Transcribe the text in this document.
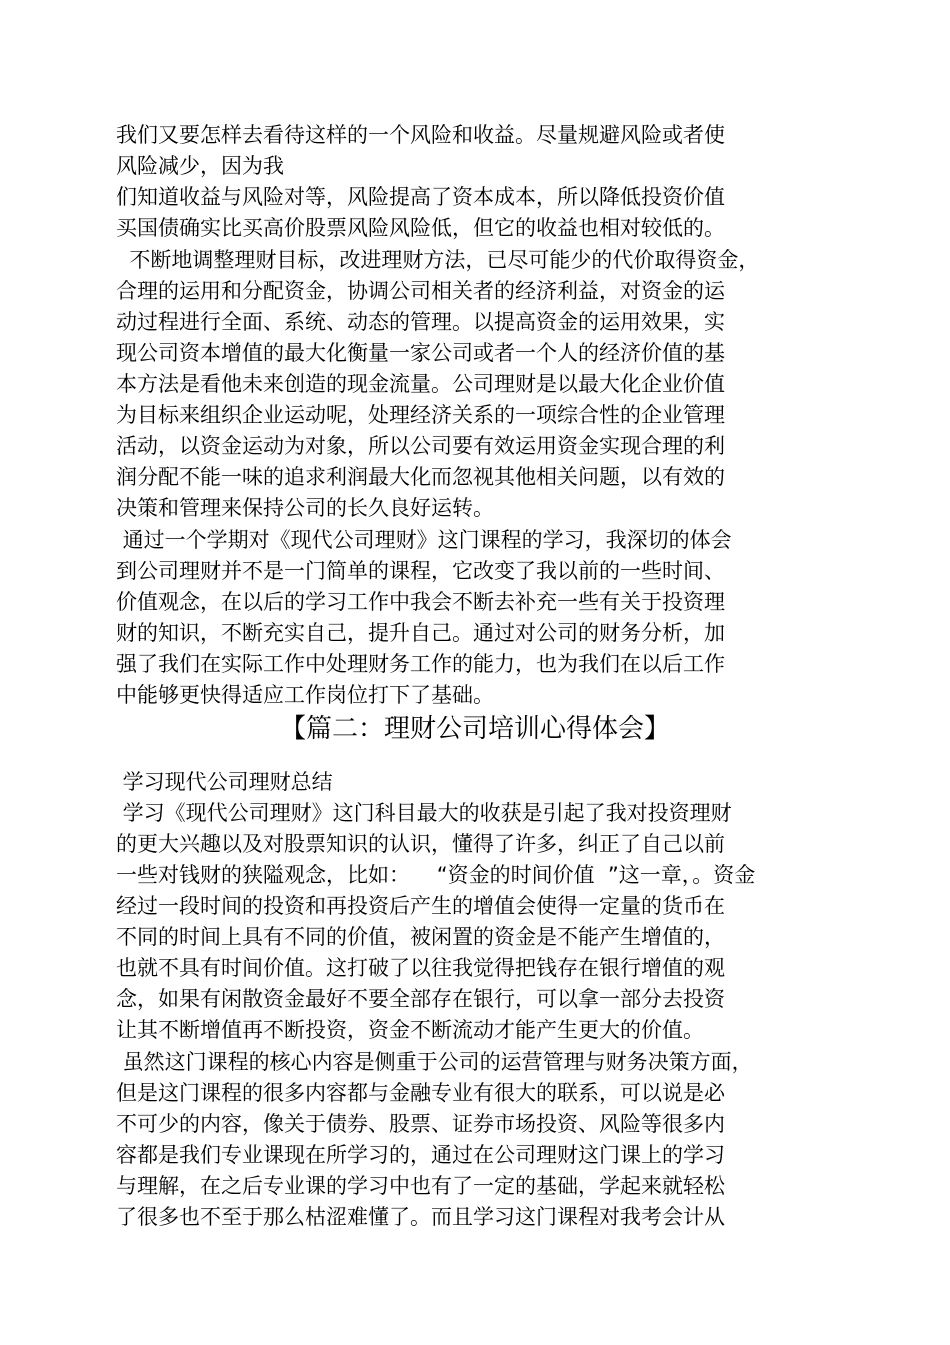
我们又要怎样去看待这样的一个风险和收益。尽量规避风险或者使
风险减少，因为我
们知道收益与风险对等，风险提高了资本成本，所以降低投资价值
买国债确实比买高价股票风险风险低，但它的收益也相对较低的。
不断地调整理财目标，改进理财方法，已尽可能少的代价取得资金，
合理的运用和分配资金，协调公司相关者的经济利益，对资金的运
动过程进行全面、系统、动态的管理。以提高资金的运用效果，实
现公司资本增值的最大化衡量一家公司或者一个人的经济价值的基
本方法是看他未来创造的现金流量。公司理财是以最大化企业价值
为目标来组织企业运动呢，处理经济关系的一项综合性的企业管理
活动，以资金运动为对象，所以公司要有效运用资金实现合理的利
润分配不能一味的追求利润最大化而忽视其他相关问题，以有效的
决策和管理来保持公司的长久良好运转。
通过一个学期对《现代公司理财》这门课程的学习，我深切的体会
到公司理财并不是一门简单的课程，它改变了我以前的一些时间、
价值观念，在以后的学习工作中我会不断去补充一些有关于投资理
财的知识，不断充实自己，提升自己。通过对公司的财务分析，加
强了我们在实际工作中处理财务工作的能力，也为我们在以后工作
中能够更快得适应工作岗位打下了基础。
【篇二：理财公司培训心得体会】
学习现代公司理财总结
学习《现代公司理财》这门科目最大的收获是引起了我对投资理财
的更大兴趣以及对股票知识的认识，懂得了许多，纠正了自己以前
一些对钱财的狭隘观念，比如：    “资金的时间价值  ”这一章，。资金
经过一段时间的投资和再投资后产生的增值会使得一定量的货币在
不同的时间上具有不同的价值，被闲置的资金是不能产生增值的，
也就不具有时间价值。这打破了以往我觉得把钱存在银行增值的观
念，如果有闲散资金最好不要全部存在银行，可以拿一部分去投资
让其不断增值再不断投资，资金不断流动才能产生更大的价值。
虽然这门课程的核心内容是侧重于公司的运营管理与财务决策方面，
但是这门课程的很多内容都与金融专业有很大的联系，可以说是必
不可少的内容，像关于债券、股票、证券市场投资、风险等很多内
容都是我们专业课现在所学习的，通过在公司理财这门课上的学习
与理解，在之后专业课的学习中也有了一定的基础，学起来就轻松
了很多也不至于那么枯涩难懂了。而且学习这门课程对我考会计从
